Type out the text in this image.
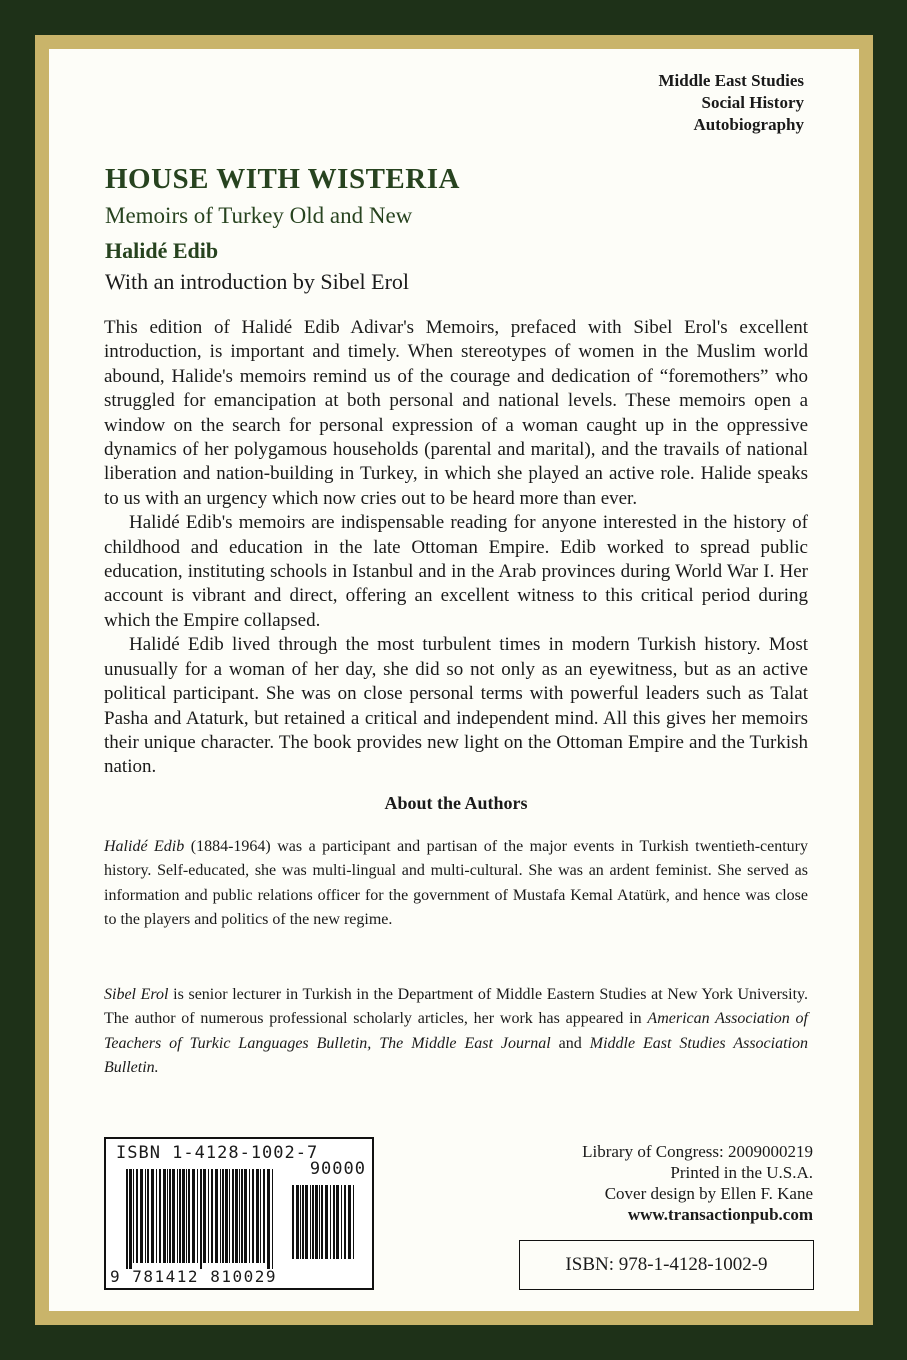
Middle East Studies
Social History
Autobiography
HOUSE WITH WISTERIA
Memoirs of Turkey Old and New
Halidé Edib
With an introduction by Sibel Erol

This edition of Halidé Edib Adivar's Memoirs, prefaced with Sibel Erol's excellent introduction, is important and timely. When stereotypes of women in the Muslim world abound, Halide's memoirs remind us of the courage and dedication of “foremothers” who struggled for emancipation at both personal and national levels. These memoirs open a window on the search for personal expression of a woman caught up in the oppressive dynamics of her polygamous households (parental and marital), and the travails of national liberation and nation-building in Turkey, in which she played an active role. Halide speaks to us with an urgency which now cries out to be heard more than ever.

Halidé Edib's memoirs are indispensable reading for anyone interested in the history of childhood and education in the late Ottoman Empire. Edib worked to spread public education, instituting schools in Istanbul and in the Arab provinces during World War I. Her account is vibrant and direct, offering an excellent witness to this critical period during which the Empire collapsed.

Halidé Edib lived through the most turbulent times in modern Turkish history. Most unusually for a woman of her day, she did so not only as an eyewitness, but as an active political participant. She was on close personal terms with powerful leaders such as Talat Pasha and Ataturk, but retained a critical and independent mind. All this gives her memoirs their unique character. The book provides new light on the Ottoman Empire and the Turkish nation.

About the Authors

Halidé Edib (1884-1964) was a participant and partisan of the major events in Turkish twentieth-century history. Self-educated, she was multi-lingual and multi-cultural. She was an ardent feminist. She served as information and public relations officer for the government of Mustafa Kemal Atatürk, and hence was close to the players and politics of the new regime.

Sibel Erol is senior lecturer in Turkish in the Department of Middle Eastern Studies at New York University. The author of numerous professional scholarly articles, her work has appeared in American Association of Teachers of Turkic Languages Bulletin, The Middle East Journal and Middle East Studies Association Bulletin.

ISBN 1-4128-1002-7
90000
9 781412 810029
Library of Congress: 2009000219
Printed in the U.S.A.
Cover design by Ellen F. Kane
www.transactionpub.com
ISBN: 978-1-4128-1002-9
